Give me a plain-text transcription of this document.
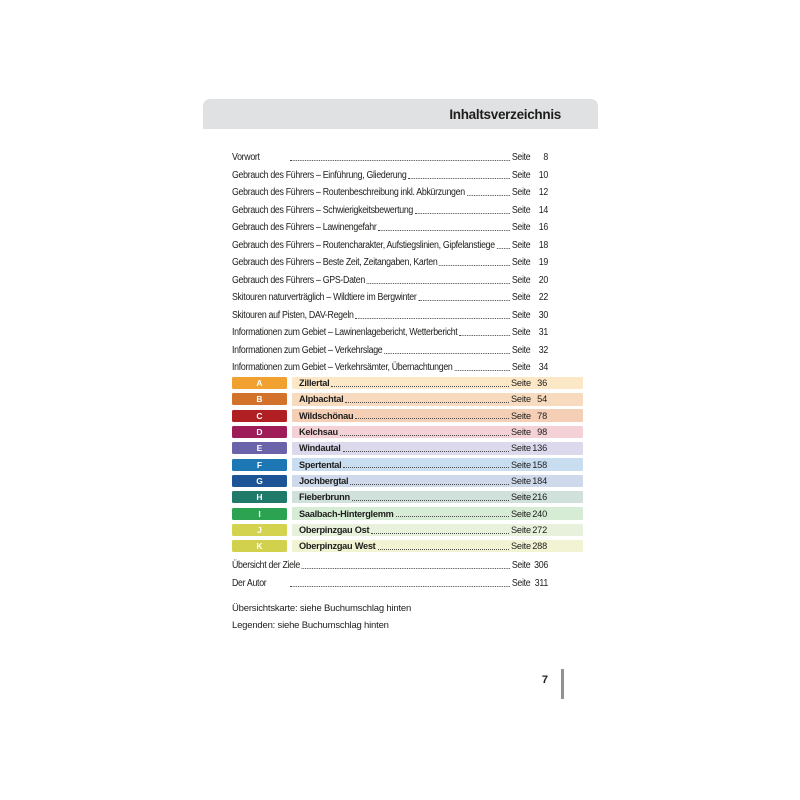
Inhaltsverzeichnis
Vorwort	Seite	8
Gebrauch des Führers – Einführung, Gliederung	Seite 10
Gebrauch des Führers – Routenbeschreibung inkl. Abkürzungen	Seite 12
Gebrauch des Führers – Schwierigkeitsbewertung	Seite 14
Gebrauch des Führers – Lawinengefahr	Seite 16
Gebrauch des Führers – Routencharakter, Aufstiegslinien, Gipfelanstiege Seite 18
Gebrauch des Führers – Beste Zeit, Zeitangaben, Karten	Seite 19
Gebrauch des Führers – GPS-Daten	Seite 20
Skitouren naturverträglich – Wildtiere im Bergwinter	Seite 22
Skitouren auf Pisten, DAV-Regeln	Seite 30
Informationen zum Gebiet – Lawinenlagebericht, Wetterbericht	Seite 31
Informationen zum Gebiet – Verkehrslage	Seite 32
Informationen zum Gebiet – Verkehrsämter, Übernachtungen	Seite 34
A	Zillertal	Seite 36
B	Alpbachtal	Seite 54
C	Wildschönau	Seite 78
D	Kelchsau	Seite 98
E	Windautal	Seite 136
F	Spertental	Seite 158
G	Jochbergtal	Seite 184
H	Fieberbrunn	Seite 216
I	Saalbach-Hinterglemm	Seite 240
J	Oberpinzgau Ost	Seite 272
K	Oberpinzgau West	Seite 288
Übersicht der Ziele	Seite 306
Der Autor	Seite 311
Übersichtskarte: siehe Buchumschlag hinten
Legenden: siehe Buchumschlag hinten
7
